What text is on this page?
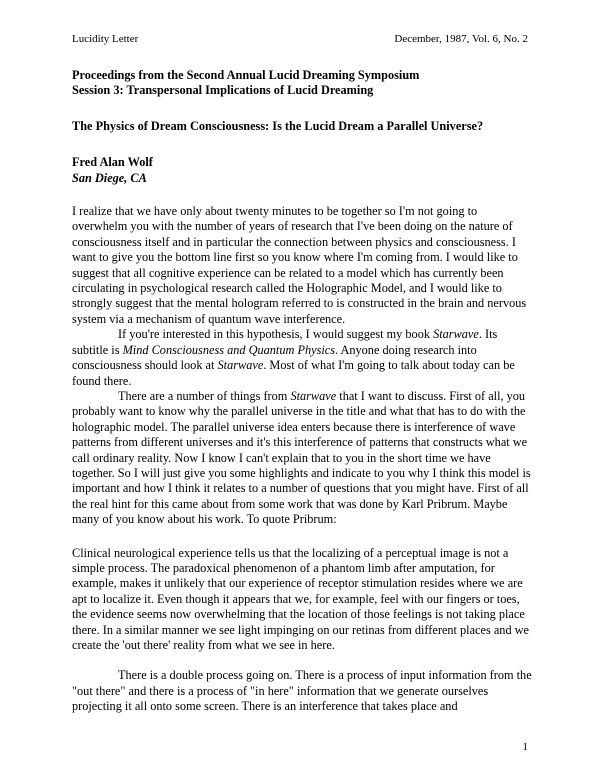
Lucidity Letter	December, 1987, Vol. 6, No. 2

Proceedings from the Second Annual Lucid Dreaming Symposium

Session 3: Transpersonal Implications of Lucid Dreaming

The Physics of Dream Consciousness: Is the Lucid Dream a Parallel Universe?

Fred Alan Wolf

San Diege, CA

I realize that we have only about twenty minutes to be together so I'm not going to overwhelm you with the number of years of research that I've been doing on the nature of consciousness itself and in particular the connection between physics and consciousness. I want to give you the bottom line first so you know where I'm coming from. I would like to suggest that all cognitive experience can be related to a model which has currently been circulating in psychological research called the Holographic Model, and I would like to strongly suggest that the mental hologram referred to is constructed in the brain and nervous system via a mechanism of quantum wave interference.

If you're interested in this hypothesis, I would suggest my book Starwave. Its subtitle is Mind Consciousness and Quantum Physics. Anyone doing research into consciousness should look at Starwave. Most of what I'm going to talk about today can be found there.

There are a number of things from Starwave that I want to discuss. First of all, you probably want to know why the parallel universe in the title and what that has to do with the holographic model. The parallel universe idea enters because there is interference of wave patterns from different universes and it's this interference of patterns that constructs what we call ordinary reality. Now I know I can't explain that to you in the short time we have together. So I will just give you some highlights and indicate to you why I think this model is important and how I think it relates to a number of questions that you might have. First of all the real hint for this came about from some work that was done by Karl Pribrum. Maybe many of you know about his work. To quote Pribrum:

Clinical neurological experience tells us that the localizing of a perceptual image is not a simple process. The paradoxical phenomenon of a phantom limb after amputation, for example, makes it unlikely that our experience of receptor stimulation resides where we are apt to localize it. Even though it appears that we, for example, feel with our fingers or toes, the evidence seems now overwhelming that the location of those feelings is not taking place there. In a similar manner we see light impinging on our retinas from different places and we create the 'out there' reality from what we see in here.

There is a double process going on. There is a process of input information from the "out there" and there is a process of "in here" information that we generate ourselves projecting it all onto some screen. There is an interference that takes place and

1
